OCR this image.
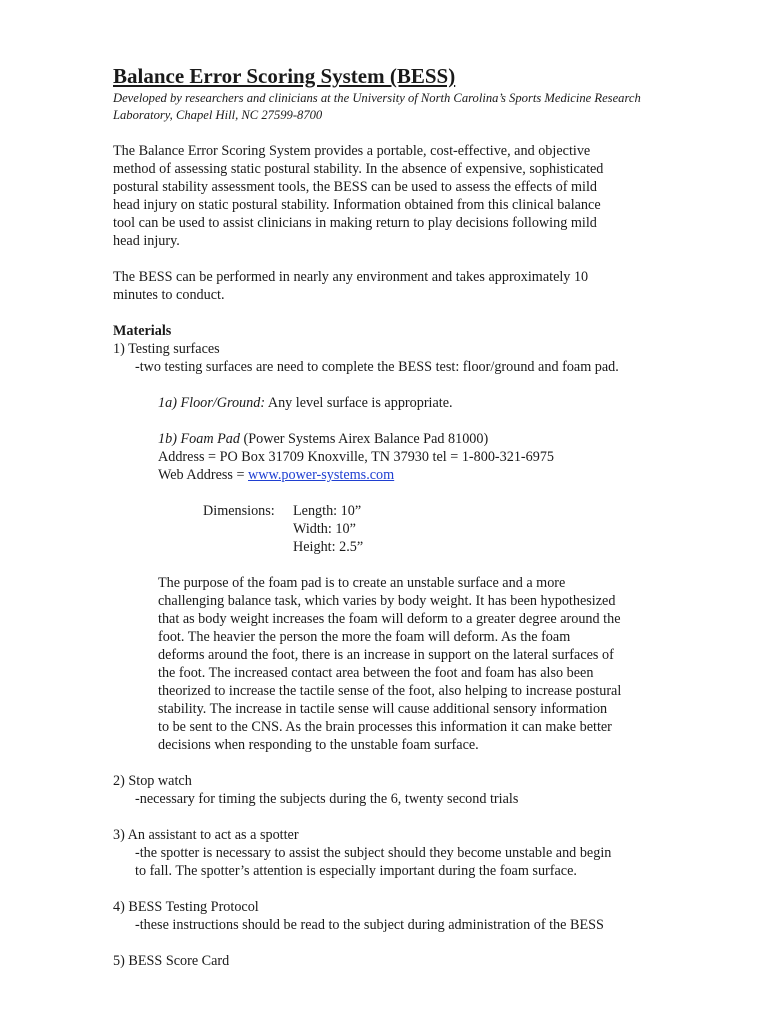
Balance Error Scoring System (BESS)

Developed by researchers and clinicians at the University of North Carolina’s Sports Medicine Research

Laboratory, Chapel Hill, NC 27599-8700

The Balance Error Scoring System provides a portable, cost-effective, and objective

method of assessing static postural stability. In the absence of expensive, sophisticated

postural stability assessment tools, the BESS can be used to assess the effects of mild

head injury on static postural stability. Information obtained from this clinical balance

tool can be used to assist clinicians in making return to play decisions following mild

head injury.

The BESS can be performed in nearly any environment and takes approximately 10

minutes to conduct.

Materials

1) Testing surfaces

-two testing surfaces are need to complete the BESS test: floor/ground and foam pad.

1a) Floor/Ground: Any level surface is appropriate.

1b) Foam Pad (Power Systems Airex Balance Pad 81000)

Address = PO Box 31709 Knoxville, TN 37930 tel = 1-800-321-6975

Web Address = www.power-systems.com

Dimensions:	Length: 10”
Width: 10”
Height: 2.5”

The purpose of the foam pad is to create an unstable surface and a more

challenging balance task, which varies by body weight. It has been hypothesized

that as body weight increases the foam will deform to a greater degree around the

foot. The heavier the person the more the foam will deform. As the foam

deforms around the foot, there is an increase in support on the lateral surfaces of

the foot. The increased contact area between the foot and foam has also been

theorized to increase the tactile sense of the foot, also helping to increase postural

stability. The increase in tactile sense will cause additional sensory information

to be sent to the CNS. As the brain processes this information it can make better

decisions when responding to the unstable foam surface.

2) Stop watch

-necessary for timing the subjects during the 6, twenty second trials

3) An assistant to act as a spotter

-the spotter is necessary to assist the subject should they become unstable and begin

to fall. The spotter’s attention is especially important during the foam surface.

4) BESS Testing Protocol

-these instructions should be read to the subject during administration of the BESS

5) BESS Score Card
